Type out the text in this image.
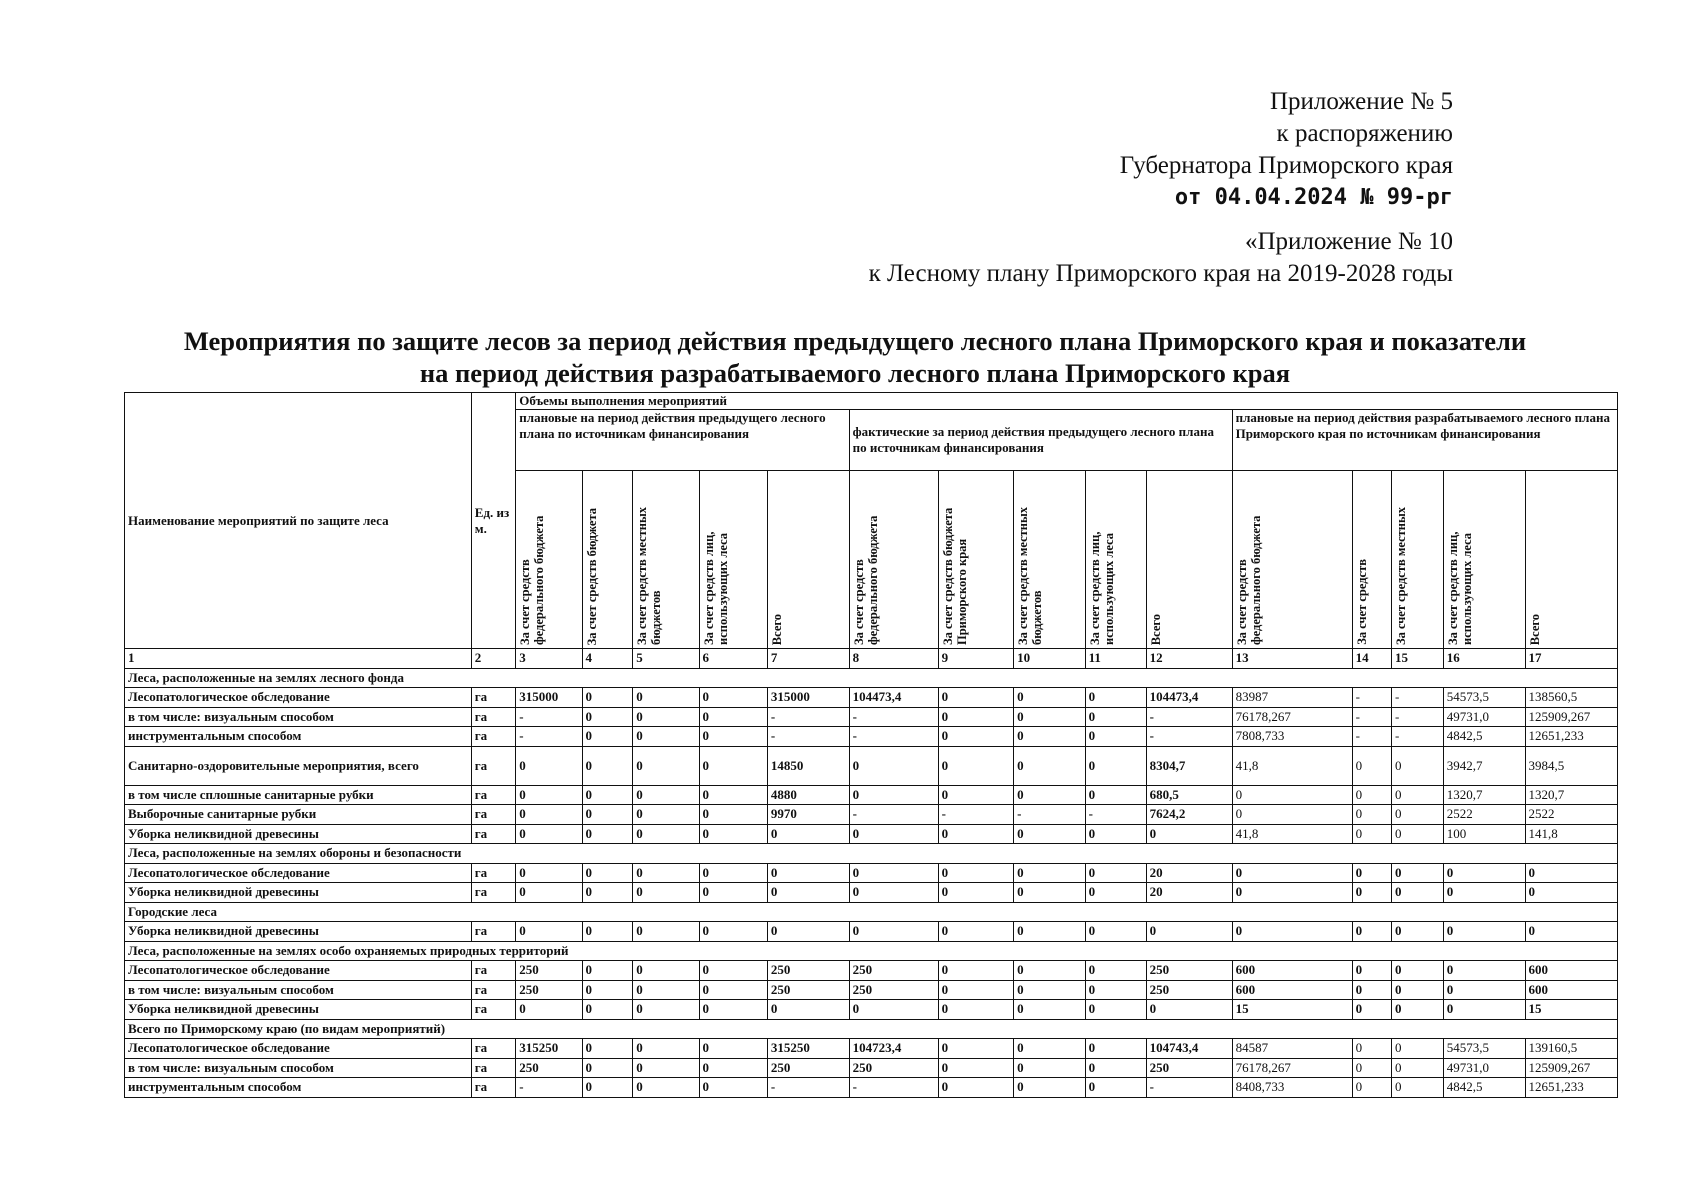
Приложение № 5
к распоряжению
Губернатора Приморского края
от 04.04.2024 № 99-рг
«Приложение № 10
к Лесному плану Приморского края на 2019-2028 годы
Мероприятия по защите лесов за период действия предыдущего лесного плана Приморского края и показатели
на период действия разрабатываемого лесного плана Приморского края
Наименование мероприятий по защите леса	Ед. из м.	Объемы выполнения мероприятий														
		плановые на период действия предыдущего лесного плана по источникам финансирования					фактические за период действия предыдущего лесного плана по источникам финансирования					плановые на период действия разрабатываемого лесного плана Приморского края по источникам финансирования				

		За счет средств федерального бюджета	За счет средств бюджета	За счет средств местных бюджетов	За счет средств лиц, использующих леса	Всего	За счет средств федерального бюджета	За счет средств бюджета Приморского края	За счет средств местных бюджетов	За счет средств лиц, использующих леса	Всего	За счет средств федерального бюджета	За счет средств	За счет средств местных	За счет средств лиц, использующих леса	Всего

1	2	3	4	5	6	7	8	9	10	11	12	13	14	15	16	17
Леса, расположенные на землях лесного фонда																
Лесопатологическое обследование	га	315000	0	0	0	315000	104473,4	0	0	0	104473,4	83987	-	-	54573,5	138560,5
в том числе: визуальным способом	га	-	0	0	0	-	-	0	0	0	-	76178,267	-	-	49731,0	125909,267
инструментальным способом	га	-	0	0	0	-	-	0	0	0	-	7808,733	-	-	4842,5	12651,233
Санитарно-оздоровительные мероприятия, всего	га	0	0	0	0	14850	0	0	0	0	8304,7	41,8	0	0	3942,7	3984,5
в том числе сплошные санитарные рубки	га	0	0	0	0	4880	0	0	0	0	680,5	0	0	0	1320,7	1320,7
Выборочные санитарные рубки	га	0	0	0	0	9970	-	-	-	-	7624,2	0	0	0	2522	2522
Уборка неликвидной древесины	га	0	0	0	0	0	0	0	0	0	0	41,8	0	0	100	141,8
Леса, расположенные на землях обороны и безопасности																
Лесопатологическое обследование	га	0	0	0	0	0	0	0	0	0	20	0	0	0	0	0
Уборка неликвидной древесины	га	0	0	0	0	0	0	0	0	0	20	0	0	0	0	0
Городские леса																
Уборка неликвидной древесины	га	0	0	0	0	0	0	0	0	0	0	0	0	0	0	0
Леса, расположенные на землях особо охраняемых природных территорий																
Лесопатологическое обследование	га	250	0	0	0	250	250	0	0	0	250	600	0	0	0	600
в том числе: визуальным способом	га	250	0	0	0	250	250	0	0	0	250	600	0	0	0	600
Уборка неликвидной древесины	га	0	0	0	0	0	0	0	0	0	0	15	0	0	0	15
Всего по Приморскому краю (по видам мероприятий)																
Лесопатологическое обследование	га	315250	0	0	0	315250	104723,4	0	0	0	104743,4	84587	0	0	54573,5	139160,5
в том числе: визуальным способом	га	250	0	0	0	250	250	0	0	0	250	76178,267	0	0	49731,0	125909,267
инструментальным способом	га	-	0	0	0	-	-	0	0	0	-	8408,733	0	0	4842,5	12651,233
